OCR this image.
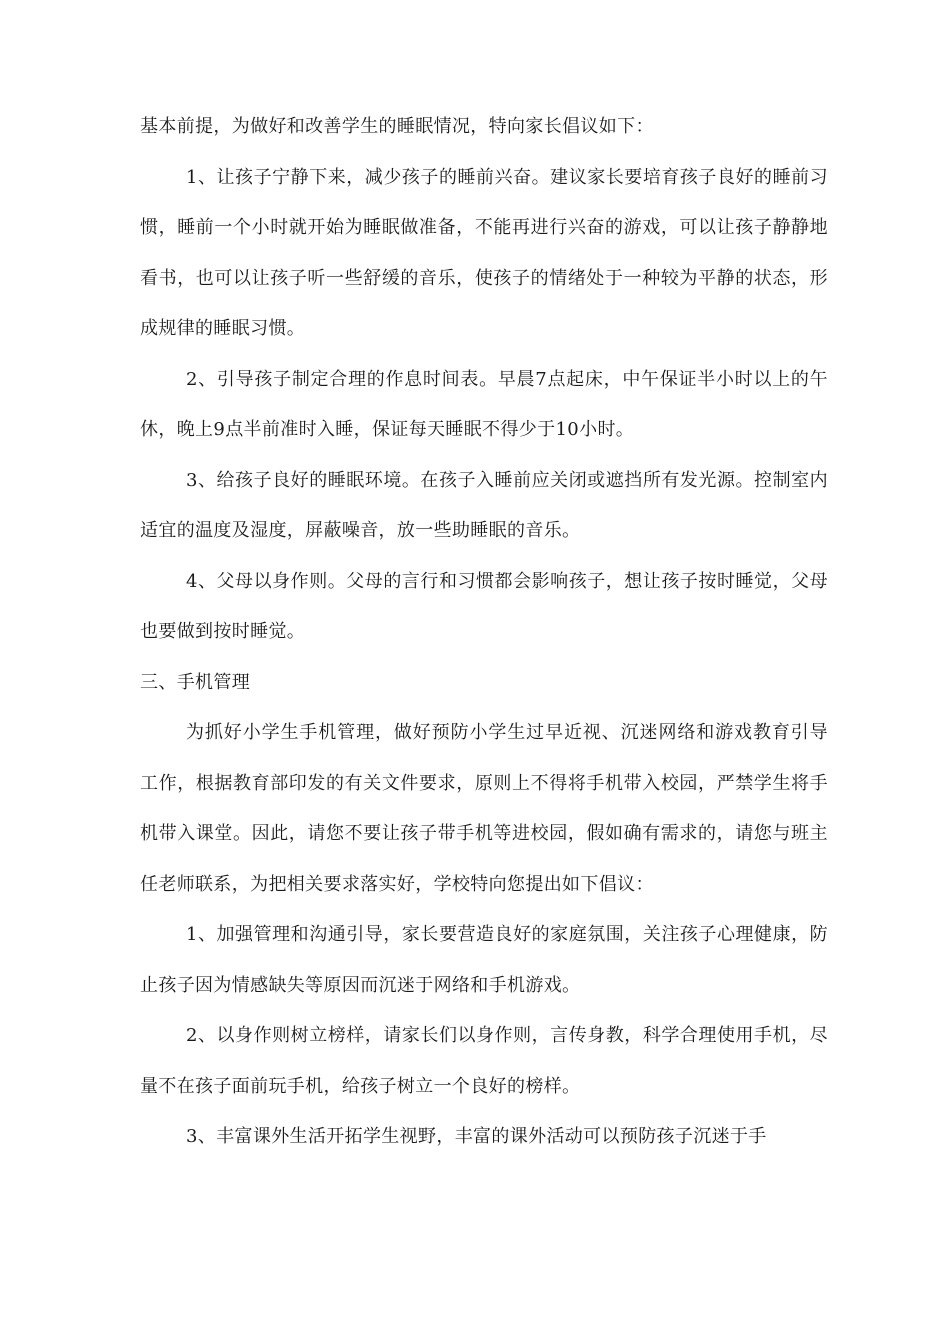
基本前提，为做好和改善学生的睡眠情况，特向家长倡议如下：

1、让孩子宁静下来，减少孩子的睡前兴奋。建议家长要培育孩子良好的睡前习惯，睡前一个小时就开始为睡眠做准备，不能再进行兴奋的游戏，可以让孩子静静地看书，也可以让孩子听一些舒缓的音乐，使孩子的情绪处于一种较为平静的状态，形成规律的睡眠习惯。

2、引导孩子制定合理的作息时间表。早晨7点起床，中午保证半小时以上的午休，晚上9点半前准时入睡，保证每天睡眠不得少于10小时。

3、给孩子良好的睡眠环境。在孩子入睡前应关闭或遮挡所有发光源。控制室内适宜的温度及湿度，屏蔽噪音，放一些助睡眠的音乐。

4、父母以身作则。父母的言行和习惯都会影响孩子，想让孩子按时睡觉，父母也要做到按时睡觉。

三、手机管理

为抓好小学生手机管理，做好预防小学生过早近视、沉迷网络和游戏教育引导工作，根据教育部印发的有关文件要求，原则上不得将手机带入校园，严禁学生将手机带入课堂。因此，请您不要让孩子带手机等进校园，假如确有需求的，请您与班主任老师联系，为把相关要求落实好，学校特向您提出如下倡议：

1、加强管理和沟通引导，家长要营造良好的家庭氛围，关注孩子心理健康，防止孩子因为情感缺失等原因而沉迷于网络和手机游戏。

2、以身作则树立榜样，请家长们以身作则，言传身教，科学合理使用手机，尽量不在孩子面前玩手机，给孩子树立一个良好的榜样。

3、丰富课外生活开拓学生视野，丰富的课外活动可以预防孩子沉迷于手
